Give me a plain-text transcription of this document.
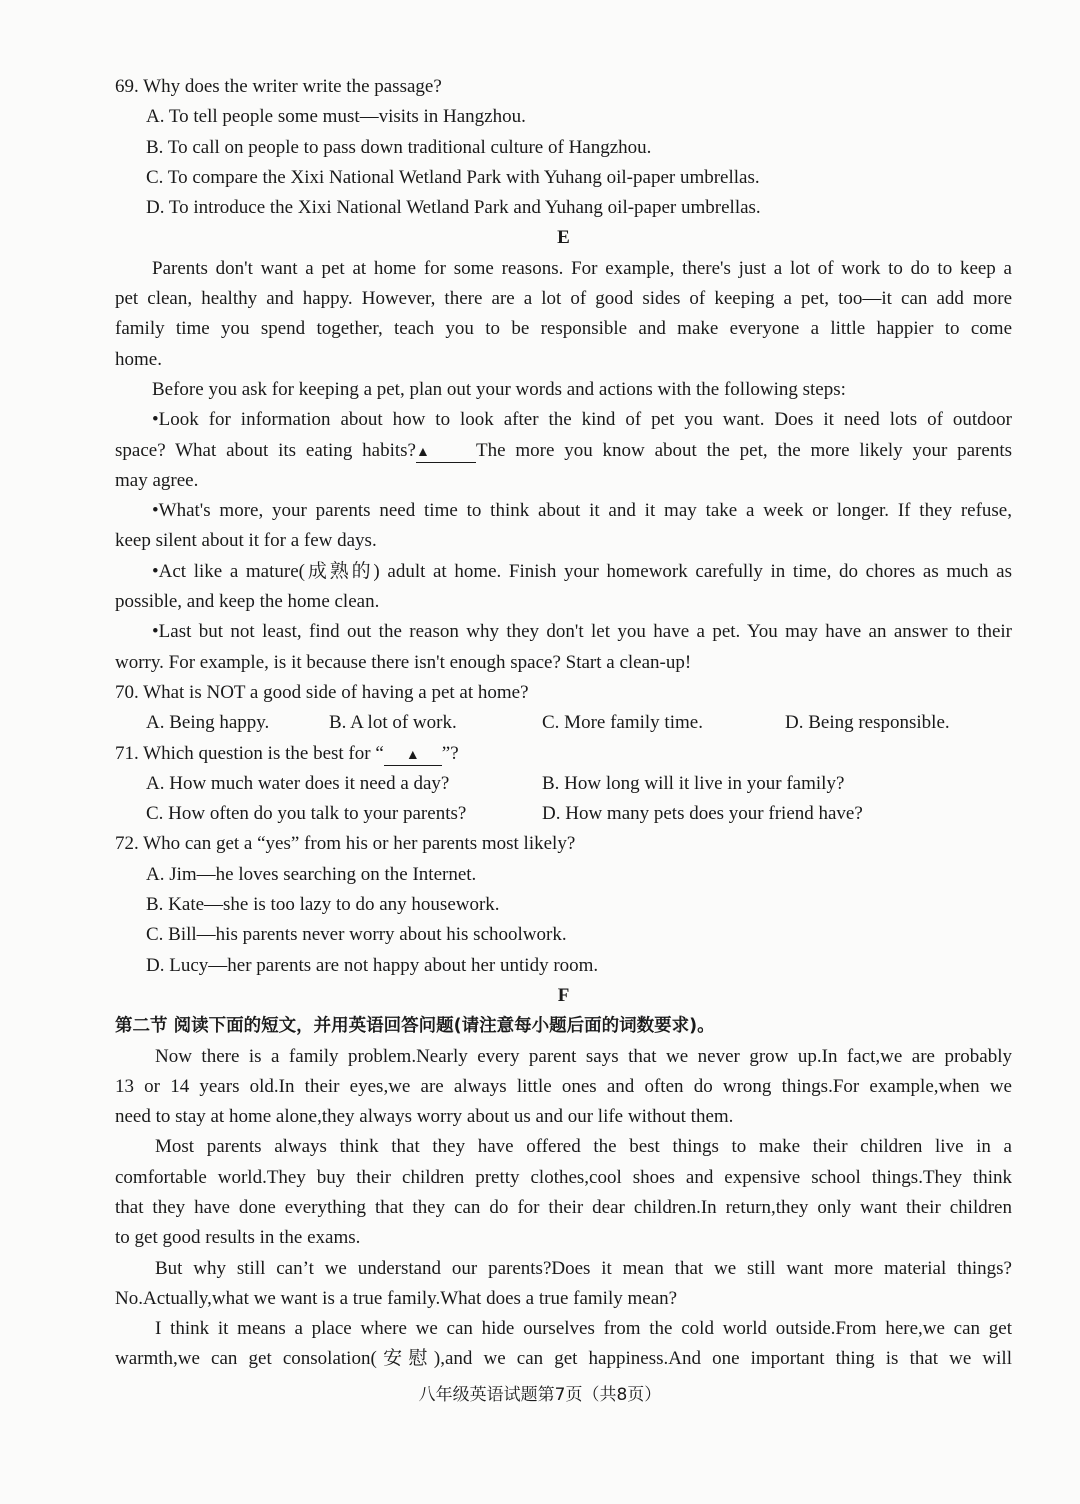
69. Why does the writer write the passage?
A. To tell people some must—visits in Hangzhou.
B. To call on people to pass down traditional culture of Hangzhou.
C. To compare the Xixi National Wetland Park with Yuhang oil-paper umbrellas.
D. To introduce the Xixi National Wetland Park and Yuhang oil-paper umbrellas.
E
Parents don't want a pet at home for some reasons. For example, there's just a lot of work to do to keep a
pet clean, healthy and happy. However, there are a lot of good sides of keeping a pet, too—it can add more
family time you spend together, teach you to be responsible and make everyone a little happier to come
home.
Before you ask for keeping a pet, plan out your words and actions with the following steps:
•Look for information about how to look after the kind of pet you want. Does it need lots of outdoor
space? What about its eating habits?▲ The more you know about the pet, the more likely your parents
may agree.
•What's more, your parents need time to think about it and it may take a week or longer. If they refuse,
keep silent about it for a few days.
•Act like a mature(成熟的) adult at home. Finish your homework carefully in time, do chores as much as
possible, and keep the home clean.
•Last but not least, find out the reason why they don't let you have a pet. You may have an answer to their
worry. For example, is it because there isn't enough space? Start a clean-up!
70. What is NOT a good side of having a pet at home?
A. Being happy.	B. A lot of work.	C. More family time.	D. Being responsible.
71. Which question is the best for “ ▲ ”?
A. How much water does it need a day?	B. How long will it live in your family?
C. How often do you talk to your parents?	D. How many pets does your friend have?
72. Who can get a “yes” from his or her parents most likely?
A. Jim—he loves searching on the Internet.
B. Kate—she is too lazy to do any housework.
C. Bill—his parents never worry about his schoolwork.
D. Lucy—her parents are not happy about her untidy room.
F
第二节 阅读下面的短文，并用英语回答问题(请注意每小题后面的词数要求)。
Now there is a family problem.Nearly every parent says that we never grow up.In fact,we are probably
13 or 14 years old.In their eyes,we are always little ones and often do wrong things.For example,when we
need to stay at home alone,they always worry about us and our life without them.
Most parents always think that they have offered the best things to make their children live in a
comfortable world.They buy their children pretty clothes,cool shoes and expensive school things.They think
that they have done everything that they can do for their dear children.In return,they only want their children
to get good results in the exams.
But why still can’t we understand our parents?Does it mean that we still want more material things?
No.Actually,what we want is a true family.What does a true family mean?
I think it means a place where we can hide ourselves from the cold world outside.From here,we can get
warmth,we can get consolation(安慰),and we can get happiness.And one important thing is that we will
八年级英语试题第7页（共8页）
